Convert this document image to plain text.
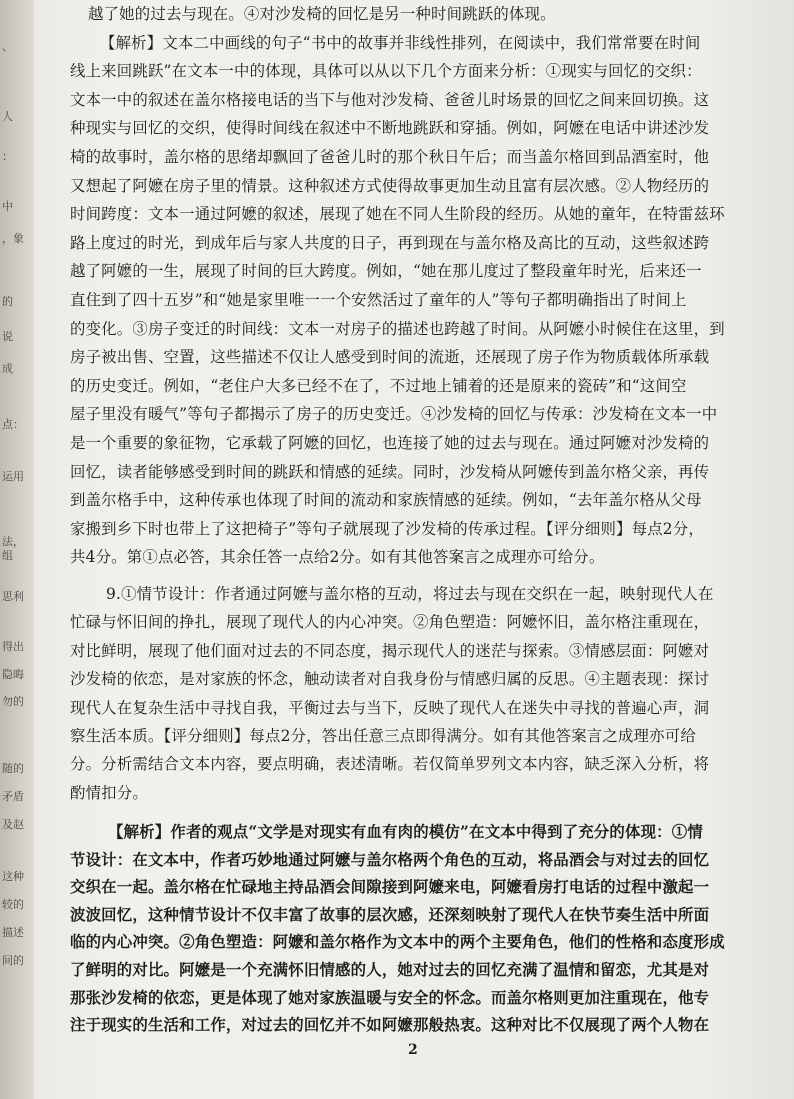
、
人
：
中
，象
的
说
成
点：
运用
法，组
思利
得出
隐晦
勿的
随的
矛盾
及赵
这种
较的
描述
间的
越了她的过去与现在。④对沙发椅的回忆是另一种时间跳跃的体现。
【解析】文本二中画线的句子“书中的故事并非线性排列，在阅读中，我们常常要在时间
线上来回跳跃”在文本一中的体现，具体可以从以下几个方面来分析：①现实与回忆的交织：
文本一中的叙述在盖尔格接电话的当下与他对沙发椅、爸爸儿时场景的回忆之间来回切换。这
种现实与回忆的交织，使得时间线在叙述中不断地跳跃和穿插。例如，阿嬷在电话中讲述沙发
椅的故事时，盖尔格的思绪却飘回了爸爸儿时的那个秋日午后；而当盖尔格回到品酒室时，他
又想起了阿嬷在房子里的情景。这种叙述方式使得故事更加生动且富有层次感。②人物经历的
时间跨度：文本一通过阿嬷的叙述，展现了她在不同人生阶段的经历。从她的童年，在特雷兹环
路上度过的时光，到成年后与家人共度的日子，再到现在与盖尔格及高比的互动，这些叙述跨
越了阿嬷的一生，展现了时间的巨大跨度。例如，“她在那儿度过了整段童年时光，后来还一
直住到了四十五岁”和“她是家里唯一一个安然活过了童年的人”等句子都明确指出了时间上
的变化。③房子变迁的时间线：文本一对房子的描述也跨越了时间。从阿嬷小时候住在这里，到
房子被出售、空置，这些描述不仅让人感受到时间的流逝，还展现了房子作为物质载体所承载
的历史变迁。例如，“老住户大多已经不在了，不过地上铺着的还是原来的瓷砖”和“这间空
屋子里没有暖气”等句子都揭示了房子的历史变迁。④沙发椅的回忆与传承：沙发椅在文本一中
是一个重要的象征物，它承载了阿嬷的回忆，也连接了她的过去与现在。通过阿嬷对沙发椅的
回忆，读者能够感受到时间的跳跃和情感的延续。同时，沙发椅从阿嬷传到盖尔格父亲，再传
到盖尔格手中，这种传承也体现了时间的流动和家族情感的延续。例如，“去年盖尔格从父母
家搬到乡下时也带上了这把椅子”等句子就展现了沙发椅的传承过程。【评分细则】每点2分，
共4分。第①点必答，其余任答一点给2分。如有其他答案言之成理亦可给分。
9.①情节设计：作者通过阿嬷与盖尔格的互动，将过去与现在交织在一起，映射现代人在
忙碌与怀旧间的挣扎，展现了现代人的内心冲突。②角色塑造：阿嬷怀旧，盖尔格注重现在，
对比鲜明，展现了他们面对过去的不同态度，揭示现代人的迷茫与探索。③情感层面：阿嬷对
沙发椅的依恋，是对家族的怀念，触动读者对自我身份与情感归属的反思。④主题表现：探讨
现代人在复杂生活中寻找自我，平衡过去与当下，反映了现代人在迷失中寻找的普遍心声，洞
察生活本质。【评分细则】每点2分，答出任意三点即得满分。如有其他答案言之成理亦可给
分。分析需结合文本内容，要点明确，表述清晰。若仅简单罗列文本内容，缺乏深入分析，将
酌情扣分。
【解析】作者的观点“文学是对现实有血有肉的模仿”在文本中得到了充分的体现：①情
节设计：在文本中，作者巧妙地通过阿嬷与盖尔格两个角色的互动，将品酒会与对过去的回忆
交织在一起。盖尔格在忙碌地主持品酒会间隙接到阿嬷来电，阿嬷看房打电话的过程中激起一
波波回忆，这种情节设计不仅丰富了故事的层次感，还深刻映射了现代人在快节奏生活中所面
临的内心冲突。②角色塑造：阿嬷和盖尔格作为文本中的两个主要角色，他们的性格和态度形成
了鲜明的对比。阿嬷是一个充满怀旧情感的人，她对过去的回忆充满了温情和留恋，尤其是对
那张沙发椅的依恋，更是体现了她对家族温暖与安全的怀念。而盖尔格则更加注重现在，他专
注于现实的生活和工作，对过去的回忆并不如阿嬷那般热衷。这种对比不仅展现了两个人物在
2
